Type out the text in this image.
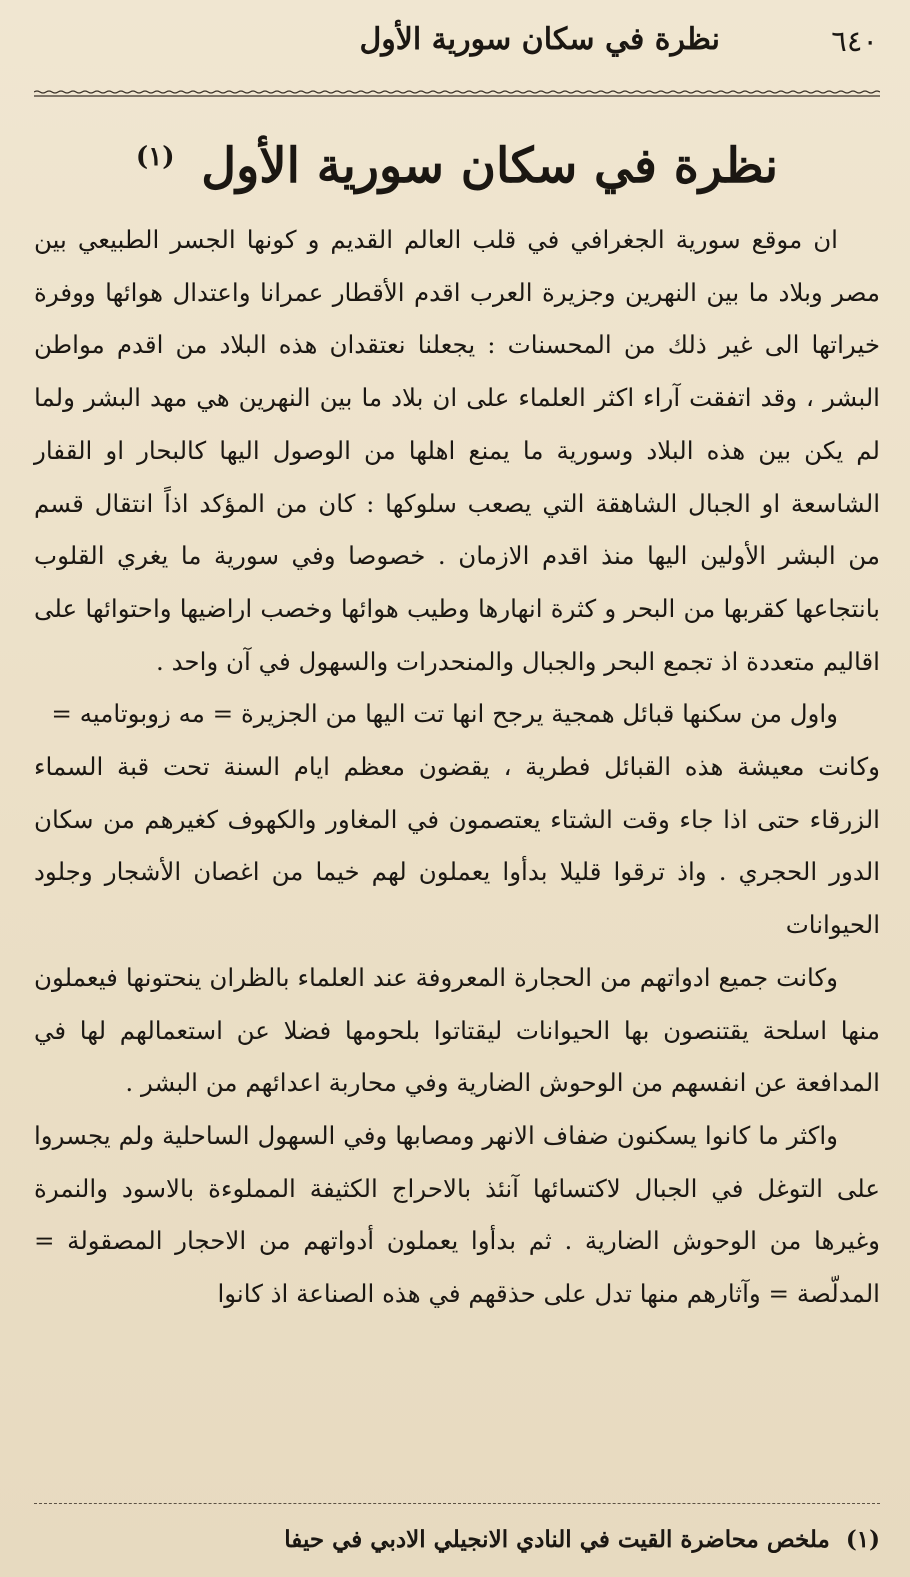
٦٤٠
نظرة في سكان سورية الأول
نظرة في سكان سورية الأول $^{(١)}$

ان موقع سورية الجغرافي في قلب العالم القديم و كونها الجسر الطبيعي بين مصر وبلاد ما بين النهرين وجزيرة العرب اقدم الأقطار عمرانا واعتدال هوائها ووفرة خيراتها الى غير ذلك من المحسنات : يجعلنا نعتقدان هذه البلاد من اقدم مواطن البشر ، وقد اتفقت آراء اكثر العلماء على ان بلاد ما بين النهرين هي مهد البشر ولما لم يكن بين هذه البلاد وسورية ما يمنع اهلها من الوصول اليها كالبحار او القفار الشاسعة او الجبال الشاهقة التي يصعب سلوكها : كان من المؤكد اذاً انتقال قسم من البشر الأولين اليها منذ اقدم الازمان . خصوصا وفي سورية ما يغري القلوب بانتجاعها كقربها من البحر و كثرة انهارها وطيب هوائها وخصب اراضيها واحتوائها على اقاليم متعددة اذ تجمع البحر والجبال والمنحدرات والسهول في آن واحد .

واول من سكنها قبائل همجية يرجح انها تت اليها من الجزيرة = مه زوبوتاميه =

وكانت معيشة هذه القبائل فطرية ، يقضون معظم ايام السنة تحت قبة السماء الزرقاء حتى اذا جاء وقت الشتاء يعتصمون في المغاور والكهوف كغيرهم من سكان الدور الحجري . واذ ترقوا قليلا بدأوا يعملون لهم خيما من اغصان الأشجار وجلود الحيوانات

وكانت جميع ادواتهم من الحجارة المعروفة عند العلماء بالظران ينحتونها فيعملون منها اسلحة يقتنصون بها الحيوانات ليقتاتوا بلحومها فضلا عن استعمالهم لها في المدافعة عن انفسهم من الوحوش الضارية وفي محاربة اعدائهم من البشر .

واكثر ما كانوا يسكنون ضفاف الانهر ومصابها وفي السهول الساحلية ولم يجسروا على التوغل في الجبال لاكتسائها آنئذ بالاحراج الكثيفة المملوءة بالاسود والنمرة وغيرها من الوحوش الضارية . ثم بدأوا يعملون أدواتهم من الاحجار المصقولة = المدلّصة = وآثارهم منها تدل على حذقهم في هذه الصناعة اذ كانوا

(١) ملخص محاضرة القيت في النادي الانجيلي الادبي في حيفا
